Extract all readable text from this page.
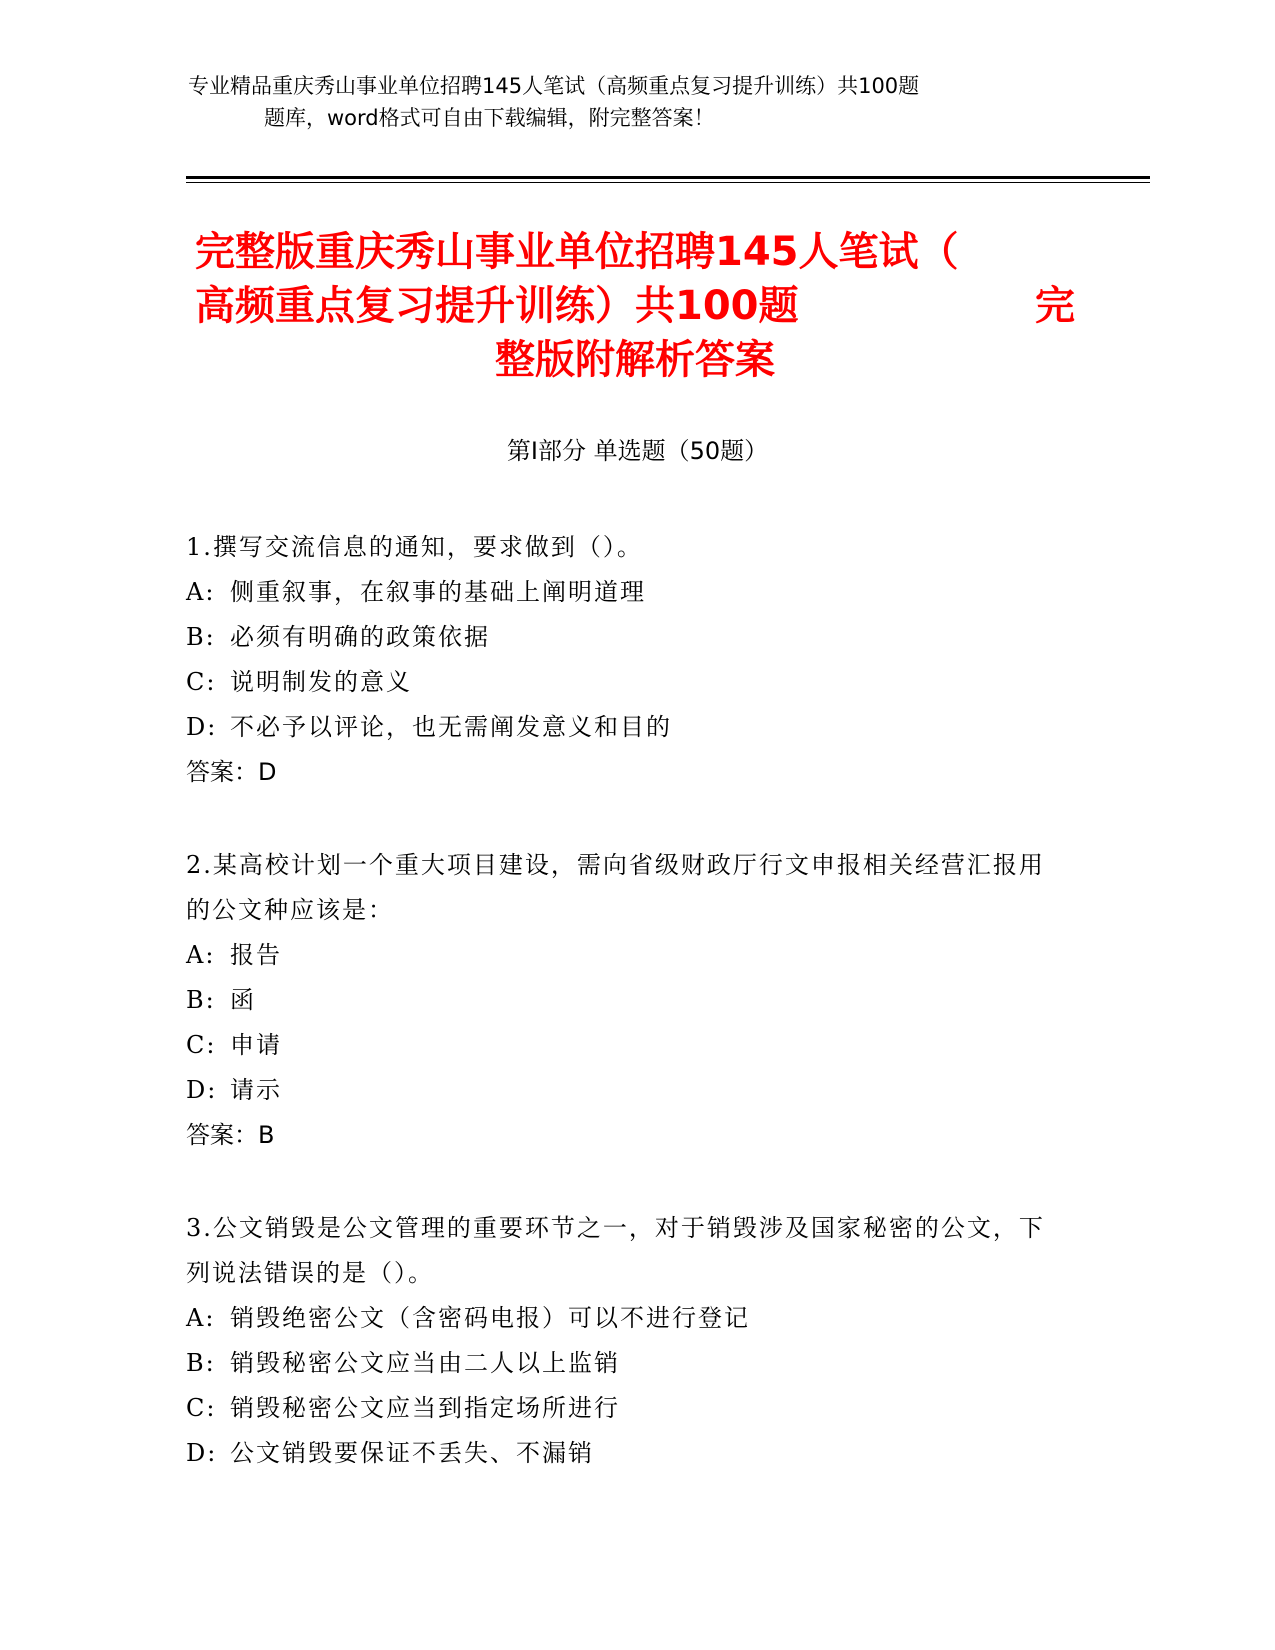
专业精品重庆秀山事业单位招聘145人笔试（高频重点复习提升训练）共100题
题库，word格式可自由下载编辑，附完整答案！
完整版重庆秀山事业单位招聘145人笔试（
高频重点复习提升训练）共100题	完
整版附解析答案
第Ⅰ部分 单选题（50题）

1.撰写交流信息的通知，要求做到（）。

A: 侧重叙事，在叙事的基础上阐明道理
B: 必须有明确的政策依据
C: 说明制发的意义
D: 不必予以评论，也无需阐发意义和目的
答案：D

2.某高校计划一个重大项目建设，需向省级财政厅行文申报相关经营汇报用的公文种应该是：

A: 报告
B: 函
C: 申请
D: 请示
答案：B

3.公文销毁是公文管理的重要环节之一，对于销毁涉及国家秘密的公文，下列说法错误的是（）。

A: 销毁绝密公文（含密码电报）可以不进行登记
B: 销毁秘密公文应当由二人以上监销
C: 销毁秘密公文应当到指定场所进行
D: 公文销毁要保证不丢失、不漏销
